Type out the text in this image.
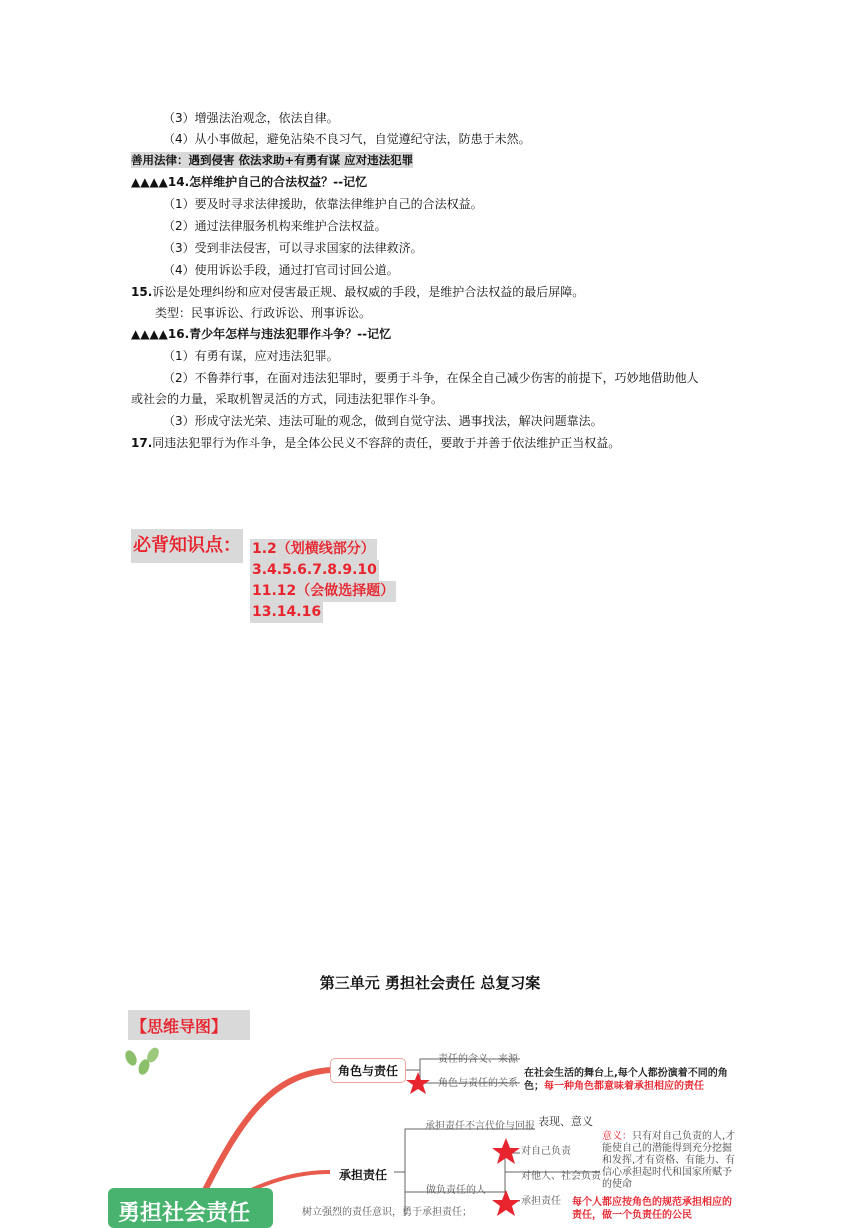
（3）增强法治观念，依法自律。
（4）从小事做起，避免沾染不良习气，自觉遵纪守法，防患于未然。
善用法律：遇到侵害 依法求助+有勇有谋 应对违法犯罪
▲▲▲▲14.怎样维护自己的合法权益？--记忆
（1）要及时寻求法律援助，依靠法律维护自己的合法权益。
（2）通过法律服务机构来维护合法权益。
（3）受到非法侵害，可以寻求国家的法律救济。
（4）使用诉讼手段，通过打官司讨回公道。
15.诉讼是处理纠纷和应对侵害最正规、最权威的手段，是维护合法权益的最后屏障。
类型：民事诉讼、行政诉讼、刑事诉讼。
▲▲▲▲16.青少年怎样与违法犯罪作斗争？--记忆
（1）有勇有谋，应对违法犯罪。
（2）不鲁莽行事，在面对违法犯罪时，要勇于斗争，在保全自己减少伤害的前提下，巧妙地借助他人
或社会的力量，采取机智灵活的方式，同违法犯罪作斗争。
（3）形成守法光荣、违法可耻的观念，做到自觉守法、遇事找法，解决问题靠法。
17.同违法犯罪行为作斗争，是全体公民义不容辞的责任，要敢于并善于依法维护正当权益。
必背知识点： 1.2（划横线部分）
3.4.5.6.7.8.9.10
11.12（会做选择题）
13.14.16
第三单元 勇担社会责任 总复习案
【思维导图】
勇担社会责任
角色与责任
承担责任
责任的含义、来源
角色与责任的关系
在社会生活的舞台上,每个人都扮演着不同的角
色；每一种角色都意味着承担相应的责任
承担责任不言代价与回报 表现、意义
做负责任的人
对自己负责
对他人、社会负责
承担责任
树立强烈的责任意识，勇于承担责任；
意义：只有对自己负责的人,才
能使自己的潜能得到充分挖掘
和发挥,才有资格、有能力、有
信心承担起时代和国家所赋予
的使命
每个人都应按角色的规范承担相应的
责任，做一个负责任的公民
